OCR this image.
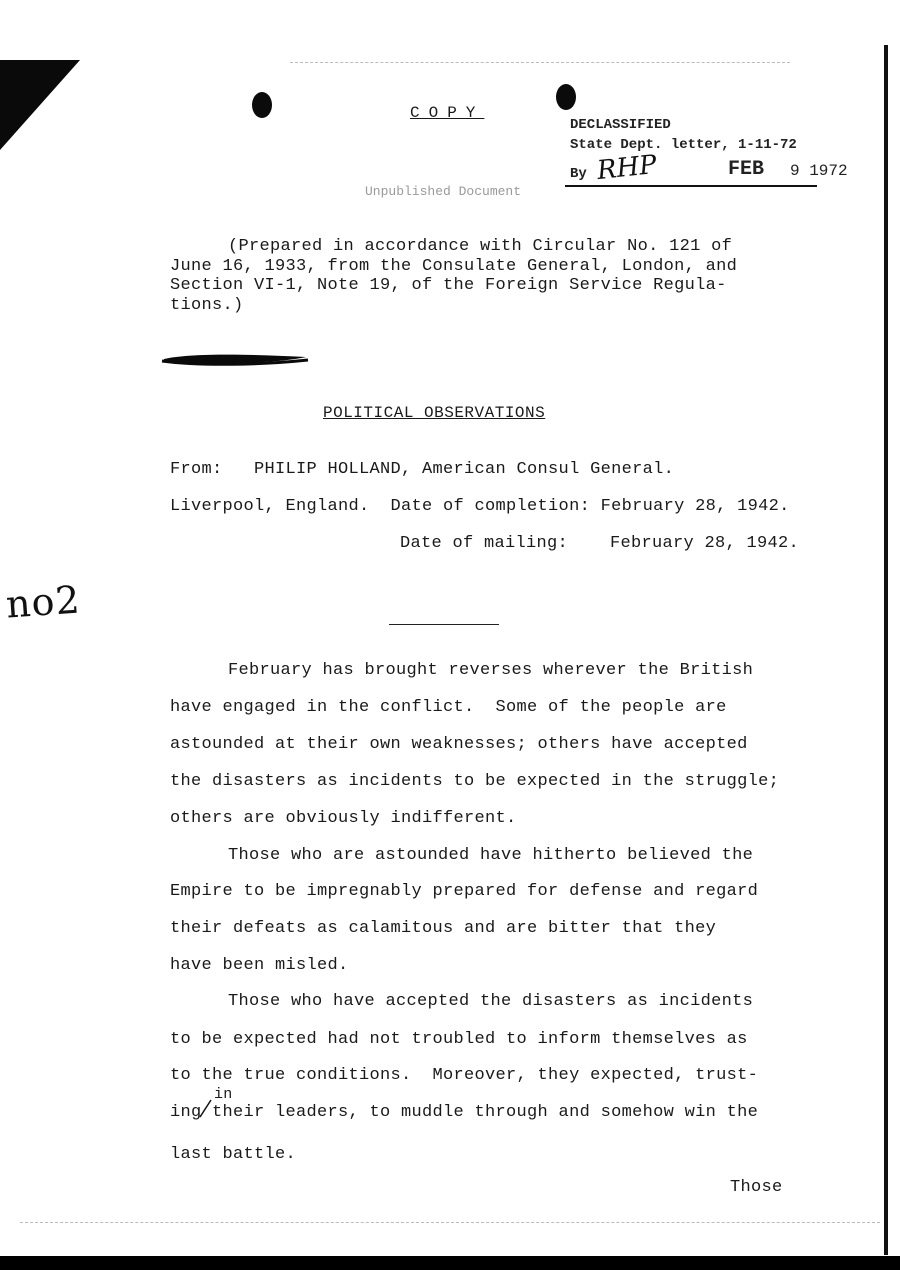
COPY
DECLASSIFIED
State Dept. letter, 1-11-72
By RHP	FEB 9 1972
Unpublished Document
(Prepared in accordance with Circular No. 121 of
June 16, 1933, from the Consulate General, London, and
Section VI-1, Note 19, of the Foreign Service Regula-
tions.)
POLITICAL OBSERVATIONS
From:   PHILIP HOLLAND, American Consul General.
Liverpool, England.  Date of completion: February 28, 1942.
Date of mailing:    February 28, 1942.
no2
February has brought reverses wherever the British
have engaged in the conflict.  Some of the people are
astounded at their own weaknesses; others have accepted
the disasters as incidents to be expected in the struggle;
others are obviously indifferent.
Those who are astounded have hitherto believed the
Empire to be impregnably prepared for defense and regard
their defeats as calamitous and are bitter that they
have been misled.
Those who have accepted the disasters as incidents
to be expected had not troubled to inform themselves as
to the true conditions.  Moreover, they expected, trust-
in
ing their leaders, to muddle through and somehow win the
last battle.
Those
